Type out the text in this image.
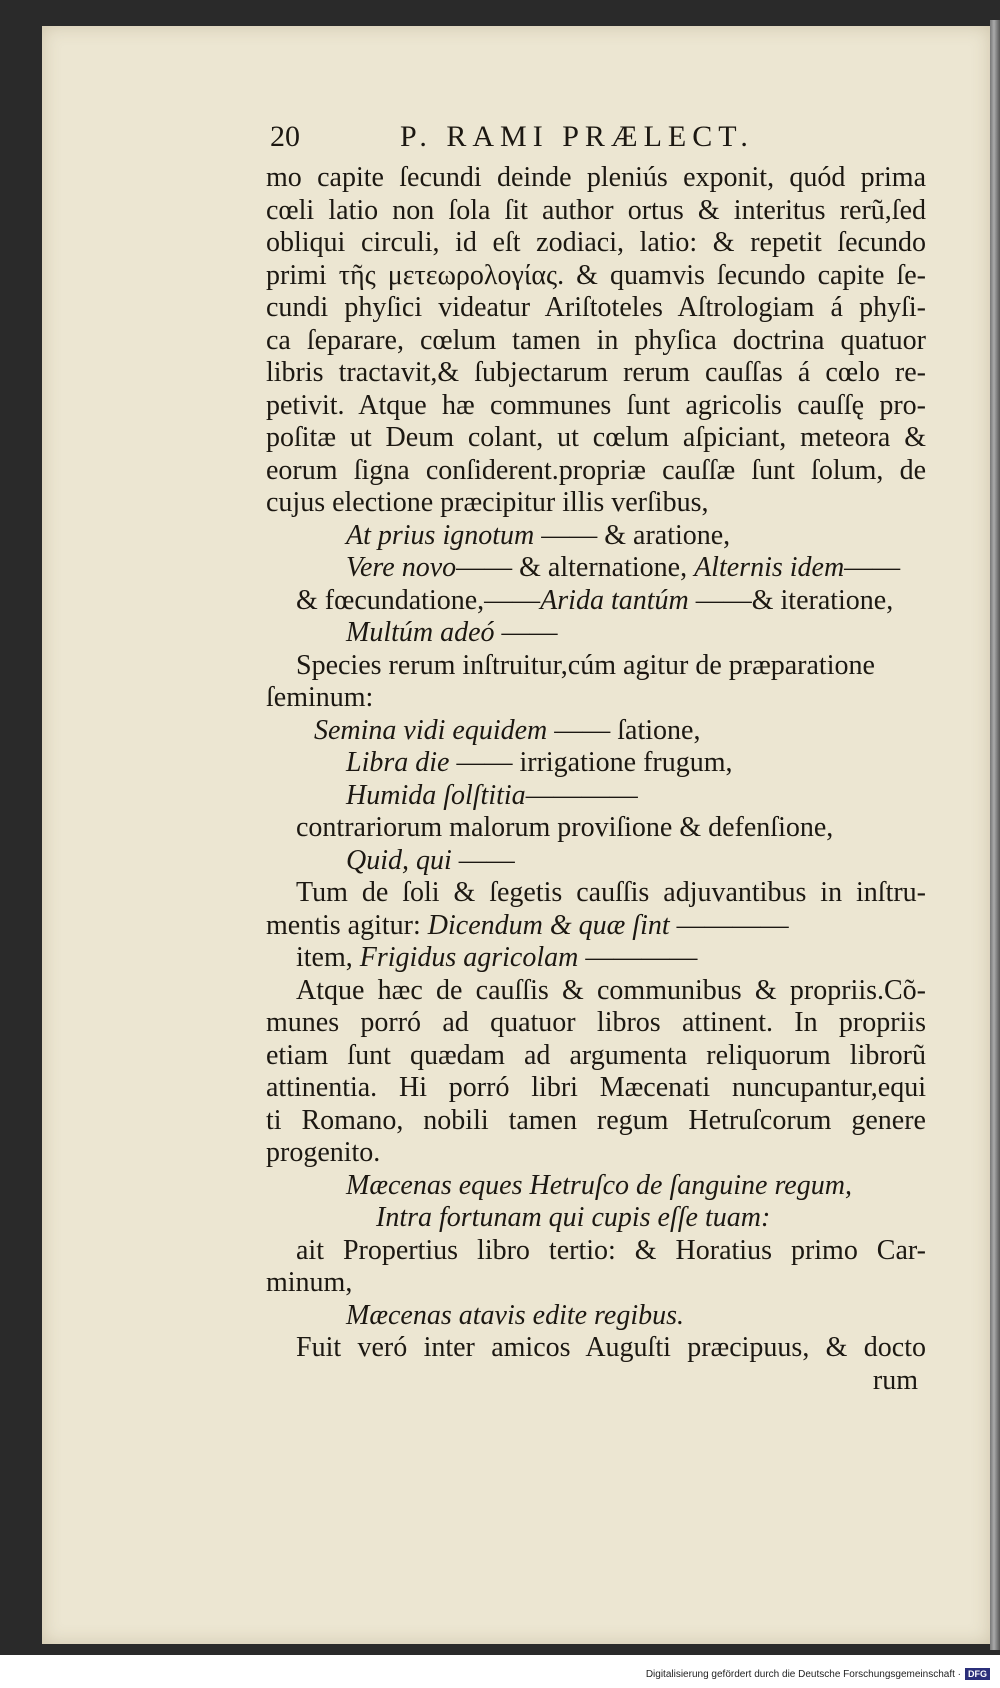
20	P. RAMI PRÆLECT.
mo capite ſecundi deinde pleniús exponit, quód prima
cœli latio non ſola ſit author ortus & interitus rerũ,ſed
obliqui circuli, id eſt zodiaci, latio: & repetit ſecundo
primi τῆς μετεωρολογίας. & quamvis ſecundo capite ſe-
cundi phyſici videatur Ariſtoteles Aſtrologiam á phyſi-
ca ſeparare, cœlum tamen in phyſica doctrina quatuor
libris tractavit,& ſubjectarum rerum cauſſas á cœlo re-
petivit. Atque hæ communes ſunt agricolis cauſſę pro-
poſitæ ut Deum colant, ut cœlum aſpiciant, meteora &
eorum ſigna conſiderent.propriæ cauſſæ ſunt ſolum, de
cujus electione præcipitur illis verſibus,
At prius ignotum —— & aratione,
Vere novo—— & alternatione, Alternis idem——
& fœcundatione,——Arida tantúm ——& iteratione,
Multúm adeó ——
Species rerum inſtruitur,cúm agitur de præparatione
ſeminum:
Semina vidi equidem —— ſatione,
Libra die —— irrigatione frugum,
Humida ſolſtitia————
contrariorum malorum proviſione & defenſione,
Quid, qui ——
Tum de ſoli & ſegetis cauſſis adjuvantibus in inſtru-
mentis agitur: Dicendum & quæ ſint ————
item, Frigidus agricolam ————
Atque hæc de cauſſis & communibus & propriis.Cõ-
munes porró ad quatuor libros attinent. In propriis
etiam ſunt quædam ad argumenta reliquorum librorũ
attinentia. Hi porró libri Mæcenati nuncupantur,equi
ti Romano, nobili tamen regum Hetruſcorum genere
progenito.
Mæcenas eques Hetruſco de ſanguine regum,
Intra fortunam qui cupis eſſe tuam:
ait Propertius libro tertio: & Horatius primo Car-
minum,
Mæcenas atavis edite regibus.
Fuit veró inter amicos Auguſti præcipuus, & docto
rum
Digitalisierung gefördert durch die Deutsche Forschungsgemeinschaft · DFG
